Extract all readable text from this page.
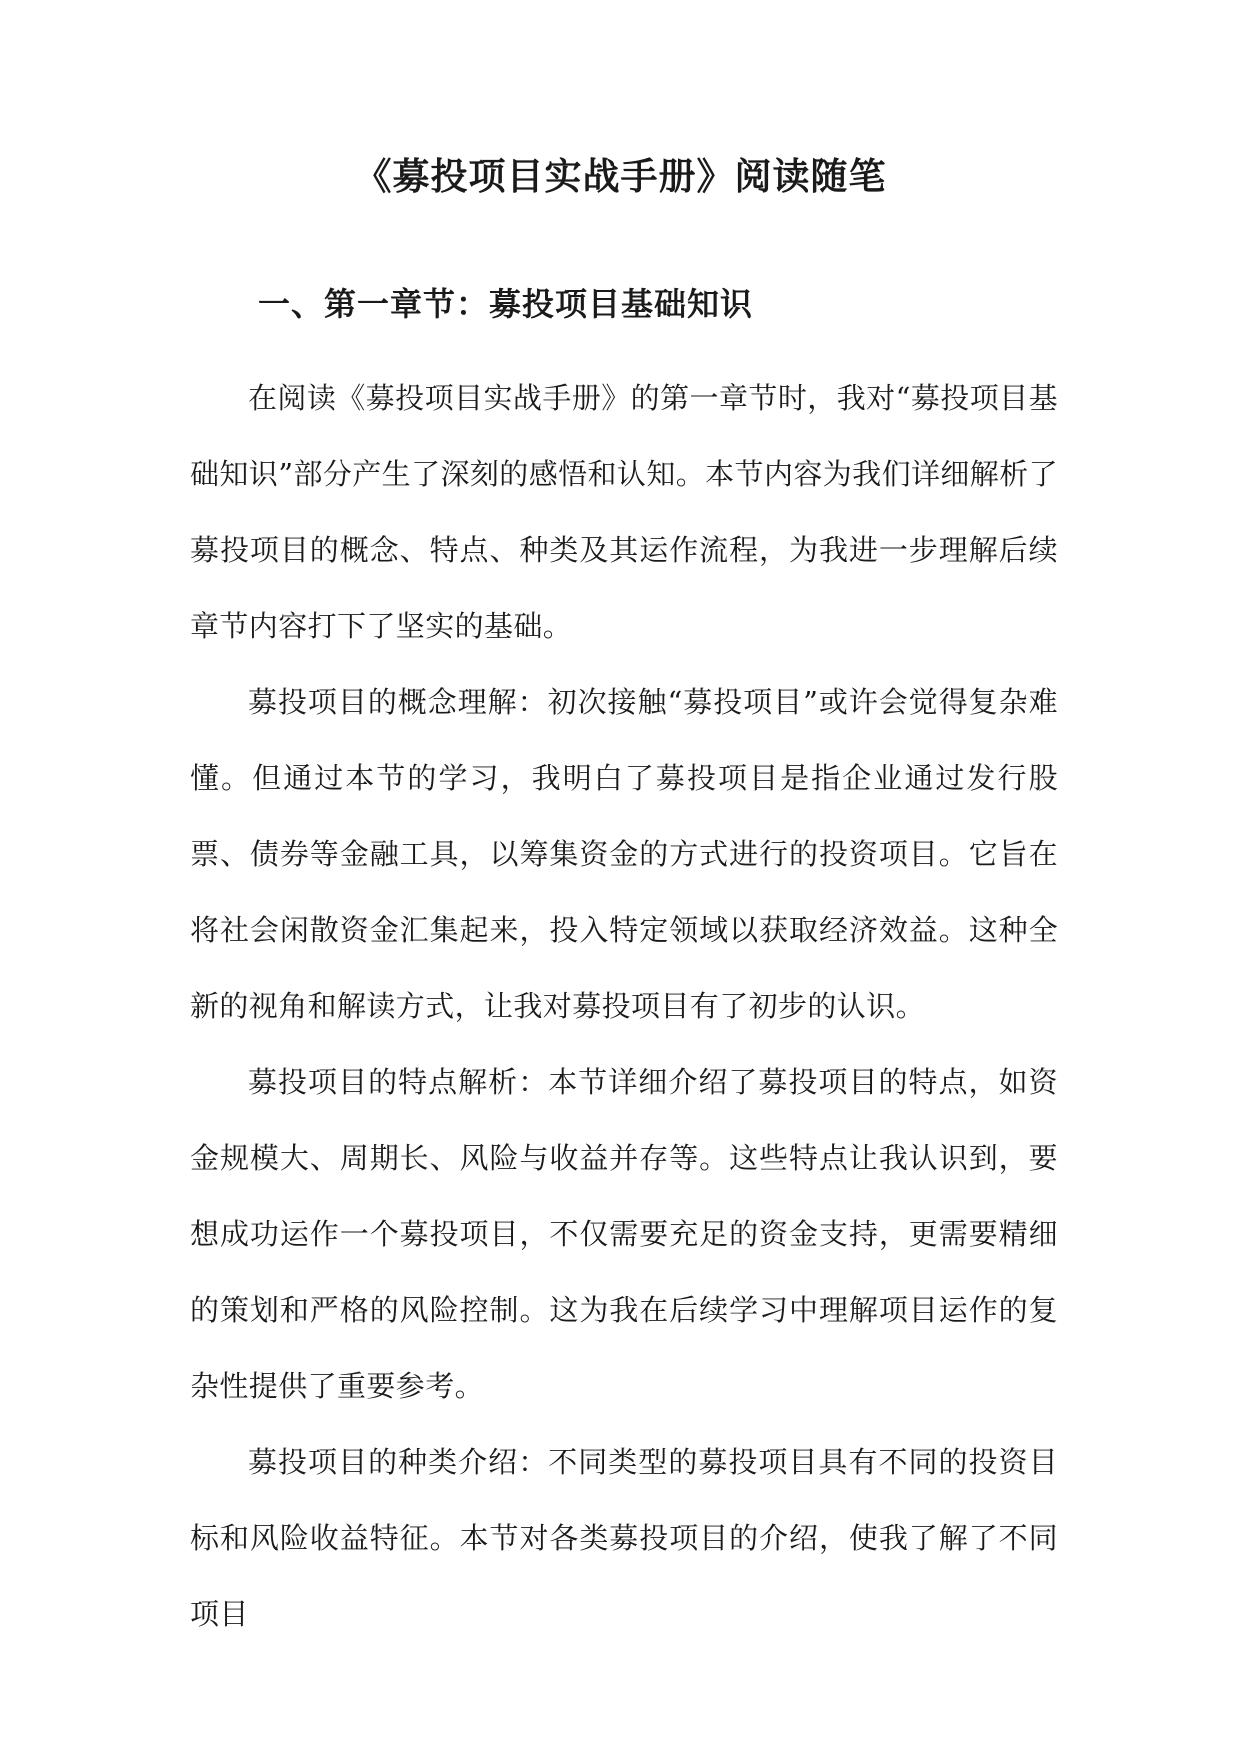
《募投项目实战手册》阅读随笔
一、第一章节：募投项目基础知识

在阅读《募投项目实战手册》的第一章节时，我对“募投项目基础知识”部分产生了深刻的感悟和认知。本节内容为我们详细解析了募投项目的概念、特点、种类及其运作流程，为我进一步理解后续章节内容打下了坚实的基础。

募投项目的概念理解：初次接触“募投项目”或许会觉得复杂难懂。但通过本节的学习，我明白了募投项目是指企业通过发行股票、债券等金融工具，以筹集资金的方式进行的投资项目。它旨在将社会闲散资金汇集起来，投入特定领域以获取经济效益。这种全新的视角和解读方式，让我对募投项目有了初步的认识。

募投项目的特点解析：本节详细介绍了募投项目的特点，如资金规模大、周期长、风险与收益并存等。这些特点让我认识到，要想成功运作一个募投项目，不仅需要充足的资金支持，更需要精细的策划和严格的风险控制。这为我在后续学习中理解项目运作的复杂性提供了重要参考。

募投项目的种类介绍：不同类型的募投项目具有不同的投资目标和风险收益特征。本节对各类募投项目的介绍，使我了解了不同项目
